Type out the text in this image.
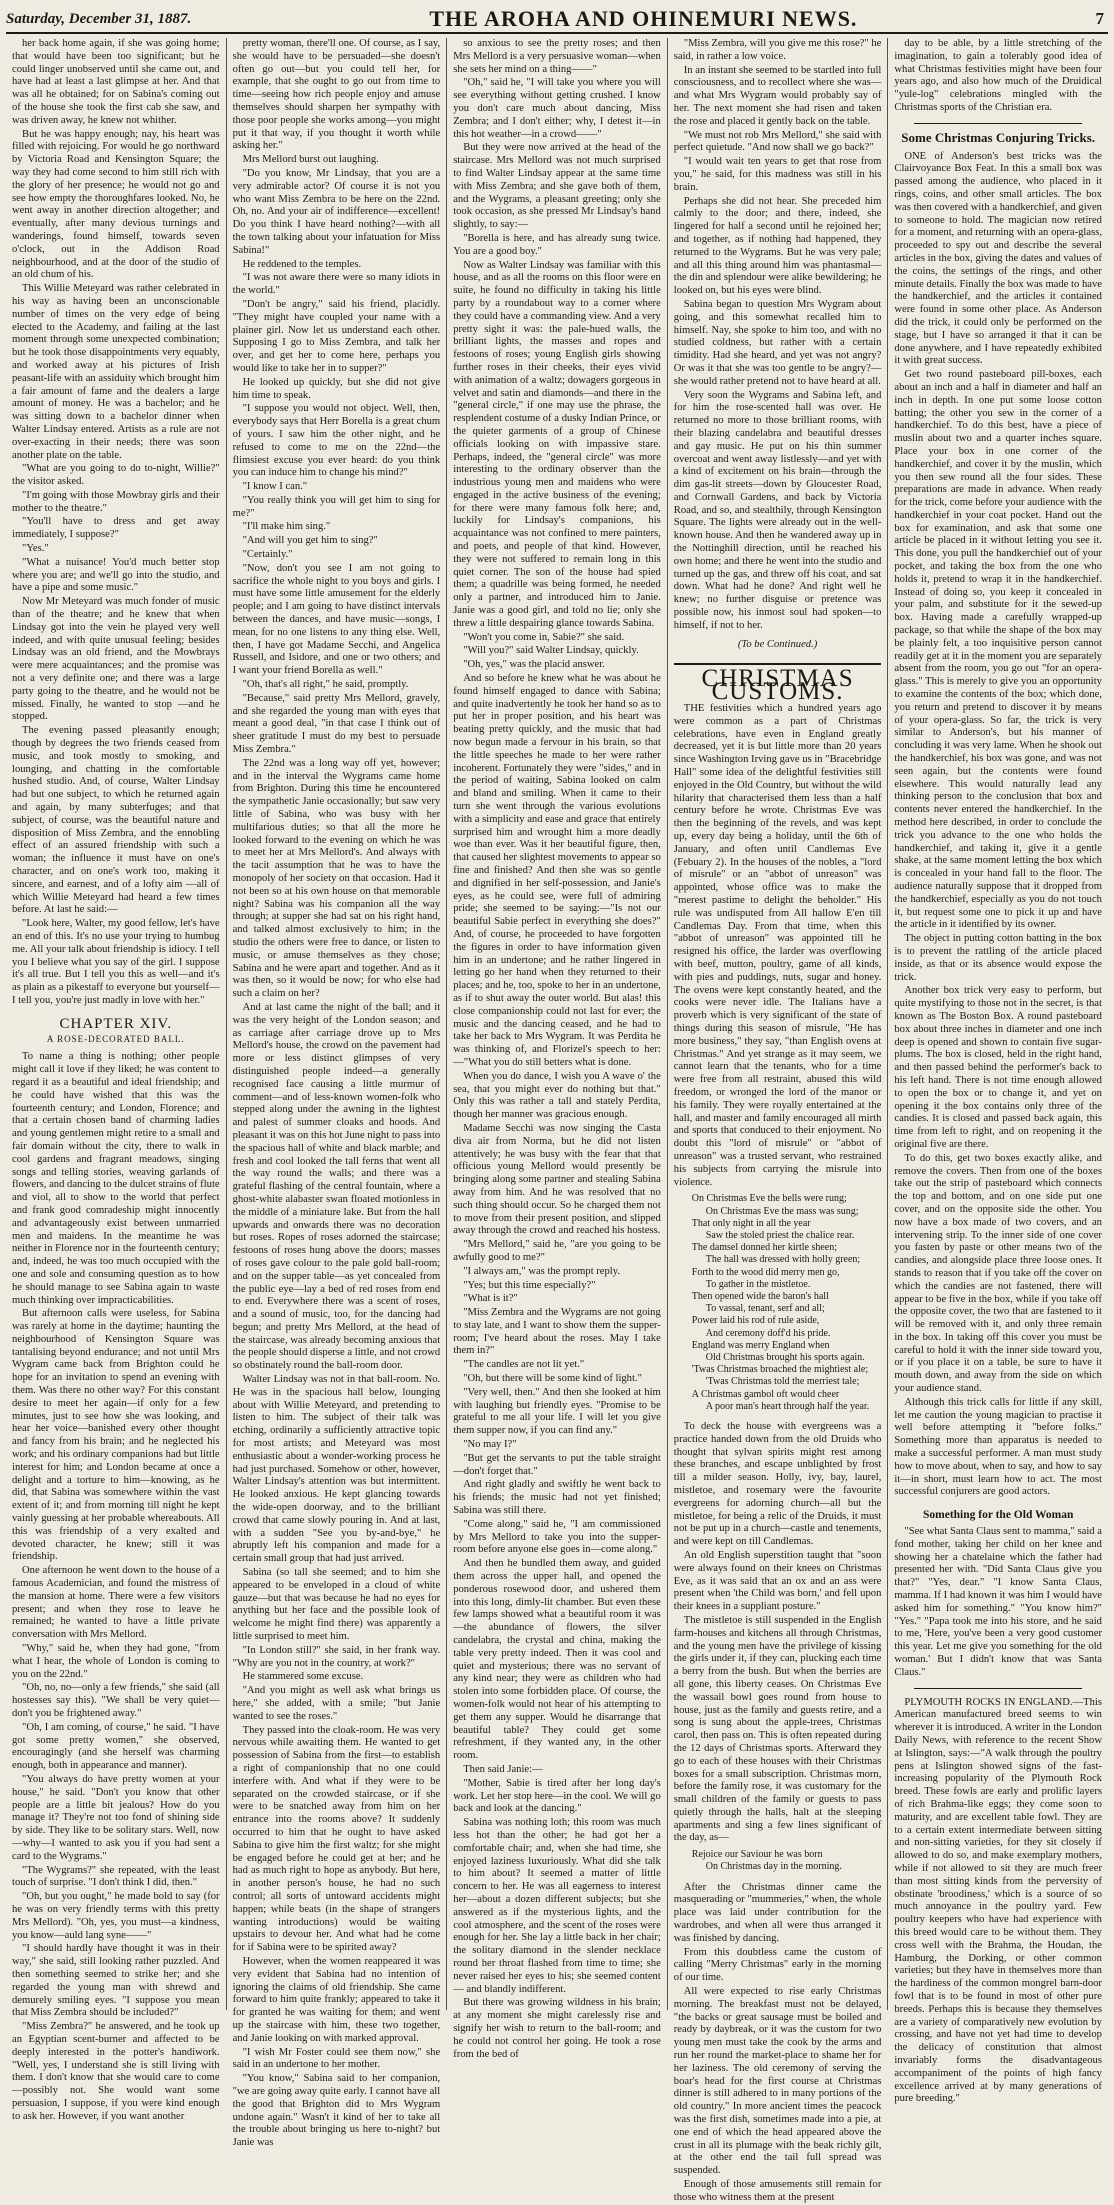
Saturday, December 31, 1887.	THE AROHA AND OHINEMURI NEWS.	7

her back home again, if she was going home; that would have been too significant; but he could linger unobserved until she came out, and have had at least a last glimpse at her. And that was all he obtained; for on Sabina's coming out of the house she took the first cab she saw, and was driven away, he knew not whither.

But he was happy enough; nay, his heart was filled with rejoicing. For would he go northward by Victoria Road and Kensington Square; the way they had come second to him still rich with the glory of her presence; he would not go and see how empty the thoroughfares looked. No, he went away in another direction altogether; and eventually, after many devious turnings and wanderings, found himself, towards seven o'clock, out in the Addison Road neighbourhood, and at the door of the studio of an old chum of his.

This Willie Meteyard was rather celebrated in his way as having been an unconscionable number of times on the very edge of being elected to the Academy, and failing at the last moment through some unexpected combination; but he took those disappointments very equably, and worked away at his pictures of Irish peasant-life with an assiduity which brought him a fair amount of fame and the dealers a large amount of money. He was a bachelor; and he was sitting down to a bachelor dinner when Walter Lindsay entered. Artists as a rule are not over-exacting in their needs; there was soon another plate on the table.

"What are you going to do to-night, Willie?" the visitor asked.

"I'm going with those Mowbray girls and their mother to the theatre."

"You'll have to dress and get away immediately, I suppose?"

"Yes."

"What a nuisance! You'd much better stop where you are; and we'll go into the studio, and have a pipe and some music."

Now Mr Meteyard was much fonder of music than of the theatre; and he knew that when Lindsay got into the vein he played very well indeed, and with quite unusual feeling; besides Lindsay was an old friend, and the Mowbrays were mere acquaintances; and the promise was not a very definite one; and there was a large party going to the theatre, and he would not be missed. Finally, he wanted to stop —and he stopped.

The evening passed pleasantly enough; though by degrees the two friends ceased from music, and took mostly to smoking, and lounging, and chatting in the comfortable hushed studio. And, of course, Walter Lindsay had but one subject, to which he returned again and again, by many subterfuges; and that subject, of course, was the beautiful nature and disposition of Miss Zembra, and the ennobling effect of an assured friendship with such a woman; the influence it must have on one's character, and on one's work too, making it sincere, and earnest, and of a lofty aim —all of which Willie Meteyard had heard a few times before. At last he said:—

"Look here, Walter, my good fellow, let's have an end of this. It's no use your trying to humbug me. All your talk about friendship is idiocy. I tell you I believe what you say of the girl. I suppose it's all true. But I tell you this as well—and it's as plain as a pikestaff to everyone but yourself—I tell you, you're just madly in love with her."

CHAPTER XIV.
A ROSE-DECORATED BALL.

To name a thing is nothing; other people might call it love if they liked; he was content to regard it as a beautiful and ideal friendship; and he could have wished that this was the fourteenth century; and London, Florence; and that a certain chosen band of charming ladies and young gentlemen might retire to a small and fair domain without the city, there to walk in cool gardens and fragrant meadows, singing songs and telling stories, weaving garlands of flowers, and dancing to the dulcet strains of flute and viol, all to show to the world that perfect and frank good comradeship might innocently and advantageously exist between unmarried men and maidens. In the meantime he was neither in Florence nor in the fourteenth century; and, indeed, he was too much occupied with the one and sole and consuming question as to how he should manage to see Sabina again to waste much thinking over impracticabilities.

But afternoon calls were useless, for Sabina was rarely at home in the daytime; haunting the neighbourhood of Kensington Square was tantalising beyond endurance; and not until Mrs Wygram came back from Brighton could he hope for an invitation to spend an evening with them. Was there no other way? For this constant desire to meet her again—if only for a few minutes, just to see how she was looking, and hear her voice—banished every other thought and fancy from his brain; and he neglected his work; and his ordinary companions had but little interest for him; and London became at once a delight and a torture to him—knowing, as he did, that Sabina was somewhere within the vast extent of it; and from morning till night he kept vainly guessing at her probable whereabouts. All this was friendship of a very exalted and devoted character, he knew; still it was friendship.

One afternoon he went down to the house of a famous Academician, and found the mistress of the mansion at home. There were a few visitors present; and when they rose to leave he remained; he wanted to have a little private conversation with Mrs Mellord.

"Why," said he, when they had gone, "from what I hear, the whole of London is coming to you on the 22nd."

"Oh, no, no—only a few friends," she said (all hostesses say this). "We shall be very quiet—don't you be frightened away."

"Oh, I am coming, of course," he said. "I have got some pretty women," she observed, encouragingly (and she herself was charming enough, both in appearance and manner).

"You always do have pretty women at your house," he said. "Don't you know that other people are a little bit jealous? How do you manage it? They're not too fond of shining side by side. They like to be solitary stars. Well, now—why—I wanted to ask you if you had sent a card to the Wygrams."

"The Wygrams?" she repeated, with the least touch of surprise. "I don't think I did, then."

"Oh, but you ought," he made bold to say (for he was on very friendly terms with this pretty Mrs Mellord). "Oh, yes, you must—a kindness, you know—auld lang syne——"

"I should hardly have thought it was in their way," she said, still looking rather puzzled. And then something seemed to strike her; and she regarded the young man with shrewd and demurely smiling eyes. "I suppose you mean that Miss Zembra should be included?"

"Miss Zembra?" he answered, and he took up an Egyptian scent-burner and affected to be deeply interested in the potter's handiwork. "Well, yes, I understand she is still living with them. I don't know that she would care to come—possibly not. She would want some persuasion, I suppose, if you were kind enough to ask her. However, if you want another

pretty woman, there'll one. Of course, as I say, she would have to be persuaded—she doesn't often go out—but you could tell her, for example, that she ought to go out from time to time—seeing how rich people enjoy and amuse themselves should sharpen her sympathy with those poor people she works among—you might put it that way, if you thought it worth while asking her."

Mrs Mellord burst out laughing.

"Do you know, Mr Lindsay, that you are a very admirable actor? Of course it is not you who want Miss Zembra to be here on the 22nd. Oh, no. And your air of indifference—excellent! Do you think I have heard nothing?—with all the town talking about your infatuation for Miss Sabina!"

He reddened to the temples.

"I was not aware there were so many idiots in the world."

"Don't be angry," said his friend, placidly. "They might have coupled your name with a plainer girl. Now let us understand each other. Supposing I go to Miss Zembra, and talk her over, and get her to come here, perhaps you would like to take her in to supper?"

He looked up quickly, but she did not give him time to speak.

"I suppose you would not object. Well, then, everybody says that Herr Borella is a great chum of yours. I saw him the other night, and he refused to come to me on the 22nd—the flimsiest excuse you ever heard: do you think you can induce him to change his mind?"

"I know I can."

"You really think you will get him to sing for me?"

"I'll make him sing."

"And will you get him to sing?"

"Certainly."

"Now, don't you see I am not going to sacrifice the whole night to you boys and girls. I must have some little amusement for the elderly people; and I am going to have distinct intervals between the dances, and have music—songs, I mean, for no one listens to any thing else. Well, then, I have got Madame Secchi, and Angelica Russell, and Isidore, and one or two others; and I want your friend Borella as well."

"Oh, that's all right," he said, promptly.

"Because," said pretty Mrs Mellord, gravely, and she regarded the young man with eyes that meant a good deal, "in that case I think out of sheer gratitude I must do my best to persuade Miss Zembra."

The 22nd was a long way off yet, however; and in the interval the Wygrams came home from Brighton. During this time he encountered the sympathetic Janie occasionally; but saw very little of Sabina, who was busy with her multifarious duties; so that all the more he looked forward to the evening on which he was to meet her at Mrs Mellord's. And always with the tacit assumption that he was to have the monopoly of her society on that occasion. Had it not been so at his own house on that memorable night? Sabina was his companion all the way through; at supper she had sat on his right hand, and talked almost exclusively to him; in the studio the others were free to dance, or listen to music, or amuse themselves as they chose; Sabina and he were apart and together. And as it was then, so it would be now; for who else had such a claim on her?

And at last came the night of the ball; and it was the very height of the London season; and as carriage after carriage drove up to Mrs Mellord's house, the crowd on the pavement had more or less distinct glimpses of very distinguished people indeed—a generally recognised face causing a little murmur of comment—and of less-known women-folk who stepped along under the awning in the lightest and palest of summer cloaks and hoods. And pleasant it was on this hot June night to pass into the spacious hall of white and black marble; and fresh and cool looked the tall ferns that went all the way round the walls; and there was a grateful flashing of the central fountain, where a ghost-white alabaster swan floated motionless in the middle of a miniature lake. But from the hall upwards and onwards there was no decoration but roses. Ropes of roses adorned the staircase; festoons of roses hung above the doors; masses of roses gave colour to the pale gold ball-room; and on the supper table—as yet concealed from the public eye—lay a bed of red roses from end to end. Everywhere there was a scent of roses, and a sound of music, too, for the dancing had begun; and pretty Mrs Mellord, at the head of the staircase, was already becoming anxious that the people should disperse a little, and not crowd so obstinately round the ball-room door.

Walter Lindsay was not in that ball-room. No. He was in the spacious hall below, lounging about with Willie Meteyard, and pretending to listen to him. The subject of their talk was etching, ordinarily a sufficiently attractive topic for most artists; and Meteyard was most enthusiastic about a wonder-working process he had just purchased. Somehow or other, however, Walter Lindsay's attention was but intermittent. He looked anxious. He kept glancing towards the wide-open doorway, and to the brilliant crowd that came slowly pouring in. And at last, with a sudden "See you by-and-bye," he abruptly left his companion and made for a certain small group that had just arrived.

Sabina (so tall she seemed; and to him she appeared to be enveloped in a cloud of white gauze—but that was because he had no eyes for anything but her face and the possible look of welcome he might find there) was apparently a little surprised to meet him.

"In London still?" she said, in her frank way. "Why are you not in the country, at work?"

He stammered some excuse.

"And you might as well ask what brings us here," she added, with a smile; "but Janie wanted to see the roses."

They passed into the cloak-room. He was very nervous while awaiting them. He wanted to get possession of Sabina from the first—to establish a right of companionship that no one could interfere with. And what if they were to be separated on the crowded staircase, or if she were to be snatched away from him on her entrance into the rooms above? It suddenly occurred to him that he ought to have asked Sabina to give him the first waltz; for she might be engaged before he could get at her; and he had as much right to hope as anybody. But here, in another person's house, he had no such control; all sorts of untoward accidents might happen; while beats (in the shape of strangers wanting introductions) would be waiting upstairs to devour her. And what had he come for if Sabina were to be spirited away?

However, when the women reappeared it was very evident that Sabina had no intention of ignoring the claims of old friendship. She came forward to him quite frankly; appeared to take it for granted he was waiting for them; and went up the staircase with him, these two together, and Janie looking on with marked approval.

"I wish Mr Foster could see them now," she said in an undertone to her mother.

"You know," Sabina said to her companion, "we are going away quite early. I cannot have all the good that Brighton did to Mrs Wygram undone again." Wasn't it kind of her to take all the trouble about bringing us here to-night? but Janie was

so anxious to see the pretty roses; and then Mrs Mellord is a very persuasive woman—when she sets her mind on a thing——"

"Oh," said he, "I will take you where you will see everything without getting crushed. I know you don't care much about dancing, Miss Zembra; and I don't either; why, I detest it—in this hot weather—in a crowd——"

But they were now arrived at the head of the staircase. Mrs Mellord was not much surprised to find Walter Lindsay appear at the same time with Miss Zembra; and she gave both of them, and the Wygrams, a pleasant greeting; only she took occasion, as she pressed Mr Lindsay's hand slightly, to say:—

"Borella is here, and has already sung twice. You are a good boy."

Now as Walter Lindsay was familiar with this house, and as all the rooms on this floor were en suite, he found no difficulty in taking his little party by a roundabout way to a corner where they could have a commanding view. And a very pretty sight it was: the pale-hued walls, the brilliant lights, the masses and ropes and festoons of roses; young English girls showing further roses in their cheeks, their eyes vivid with animation of a waltz; dowagers gorgeous in velvet and satin and diamonds—and there in the "general circle," if one may use the phrase, the resplendent costume of a dusky Indian Prince, or the quieter garments of a group of Chinese officials looking on with impassive stare. Perhaps, indeed, the "general circle" was more interesting to the ordinary observer than the industrious young men and maidens who were engaged in the active business of the evening; for there were many famous folk here; and, luckily for Lindsay's companions, his acquaintance was not confined to mere painters, and poets, and people of that kind. However, they were not suffered to remain long in this quiet corner. The son of the house had spied them; a quadrille was being formed, he needed only a partner, and introduced him to Janie. Janie was a good girl, and told no lie; only she threw a little despairing glance towards Sabina.

"Won't you come in, Sabie?" she said.

"Will you?" said Walter Lindsay, quickly.

"Oh, yes," was the placid answer.

And so before he knew what he was about he found himself engaged to dance with Sabina; and quite inadvertently he took her hand so as to put her in proper position, and his heart was beating pretty quickly, and the music that had now begun made a fervour in his brain, so that the little speeches he made to her were rather incoherent. Fortunately they were "sides," and in the period of waiting, Sabina looked on calm and bland and smiling. When it came to their turn she went through the various evolutions with a simplicity and ease and grace that entirely surprised him and wrought him a more deadly woe than ever. Was it her beautiful figure, then, that caused her slightest movements to appear so fine and finished? And then she was so gentle and dignified in her self-possession, and Janie's eyes, as he could see, were full of admiring pride; she seemed to be saying:—"Is not our beautiful Sabie perfect in everything she does?" And, of course, he proceeded to have forgotten the figures in order to have information given him in an undertone; and he rather lingered in letting go her hand when they returned to their places; and he, too, spoke to her in an undertone, as if to shut away the outer world. But alas! this close companionship could not last for ever; the music and the dancing ceased, and he had to take her back to Mrs Wygram. It was Perdita he was thinking of, and Florizel's speech to her:—"What you do still betters what is done.

When you do dance, I wish you A wave o' the sea, that you might ever do nothing but that." Only this was rather a tall and stately Perdita, though her manner was gracious enough.

Madame Secchi was now singing the Casta diva air from Norma, but he did not listen attentively; he was busy with the fear that that officious young Mellord would presently be bringing along some partner and stealing Sabina away from him. And he was resolved that no such thing should occur. So he charged them not to move from their present position, and slipped away through the crowd and reached his hostess.

"Mrs Mellord," said he, "are you going to be awfully good to me?"

"I always am," was the prompt reply.

"Yes; but this time especially?"

"What is it?"

"Miss Zembra and the Wygrams are not going to stay late, and I want to show them the supper-room; I've heard about the roses. May I take them in?"

"The candles are not lit yet."

"Oh, but there will be some kind of light."

"Very well, then." And then she looked at him with laughing but friendly eyes. "Promise to be grateful to me all your life. I will let you give them supper now, if you can find any."

"No may I?"

"But get the servants to put the table straight—don't forget that."

And right gladly and swiftly he went back to his friends; the music had not yet finished; Sabina was still there.

"Come along," said he, "I am commissioned by Mrs Mellord to take you into the supper-room before anyone else goes in—come along."

And then he bundled them away, and guided them across the upper hall, and opened the ponderous rosewood door, and ushered them into this long, dimly-lit chamber. But even these few lamps showed what a beautiful room it was—the abundance of flowers, the silver candelabra, the crystal and china, making the table very pretty indeed. Then it was cool and quiet and mysterious; there was no servant of any kind near; they were as children who had stolen into some forbidden place. Of course, the women-folk would not hear of his attempting to get them any supper. Would he disarrange that beautiful table? They could get some refreshment, if they wanted any, in the other room.

Then said Janie:—

"Mother, Sabie is tired after her long day's work. Let her stop here—in the cool. We will go back and look at the dancing."

Sabina was nothing loth; this room was much less hot than the other; he had got her a comfortable chair; and, when she had time, she enjoyed laziness luxuriously. What did she talk to him about? It seemed a matter of little concern to her. He was all eagerness to interest her—about a dozen different subjects; but she answered as if the mysterious lights, and the cool atmosphere, and the scent of the roses were enough for her. She lay a little back in her chair; the solitary diamond in the slender necklace round her throat flashed from time to time; she never raised her eyes to his; she seemed content — and blandly indifferent.

But there was growing wildness in his brain; at any moment she might carelessly rise and signify her wish to return to the ball-room; and he could not control her going. He took a rose from the bed of

"Miss Zembra, will you give me this rose?" he said, in rather a low voice.

In an instant she seemed to be startled into full consciousness, and to recollect where she was—and what Mrs Wygram would probably say of her. The next moment she had risen and taken the rose and placed it gently back on the table.

"We must not rob Mrs Mellord," she said with perfect quietude. "And now shall we go back?"

"I would wait ten years to get that rose from you," he said, for this madness was still in his brain.

Perhaps she did not hear. She preceded him calmly to the door; and there, indeed, she lingered for half a second until he rejoined her; and together, as if nothing had happened, they returned to the Wygrams. But he was very pale; and all this thing around him was phantasmal—the din and splendour were alike bewildering; he looked on, but his eyes were blind.

Sabina began to question Mrs Wygram about going, and this somewhat recalled him to himself. Nay, she spoke to him too, and with no studied coldness, but rather with a certain timidity. Had she heard, and yet was not angry? Or was it that she was too gentle to be angry?—she would rather pretend not to have heard at all.

Very soon the Wygrams and Sabina left, and for him the rose-scented hall was over. He returned no more to those brilliant rooms, with their blazing candelabra and beautiful dresses and gay music. He put on his thin summer overcoat and went away listlessly—and yet with a kind of excitement on his brain—through the dim gas-lit streets—down by Gloucester Road, and Cornwall Gardens, and back by Victoria Road, and so, and stealthily, through Kensington Square. The lights were already out in the well-known house. And then he wandered away up in the Nottinghill direction, until he reached his own home; and there he went into the studio and turned up the gas, and threw off his coat, and sat down. What had he done? And right well he knew; no further disguise or pretence was possible now, his inmost soul had spoken—to himself, if not to her.

(To be Continued.)
CHRISTMAS CUSTOMS.

THE festivities which a hundred years ago were common as a part of Christmas celebrations, have even in England greatly decreased, yet it is but little more than 20 years since Washington Irving gave us in "Bracebridge Hall" some idea of the delightful festivities still enjoyed in the Old Country, but without the wild hilarity that characterised them less than a half century before he wrote. Christmas Eve was then the beginning of the revels, and was kept up, every day being a holiday, until the 6th of January, and often until Candlemas Eve (Febuary 2). In the houses of the nobles, a "lord of misrule" or an "abbot of unreason" was appointed, whose office was to make the "merest pastime to delight the beholder." His rule was undisputed from All hallow E'en till Candlemas Day. From that time, when this "abbot of unreason" was appointed till he resigned his office, the larder was overflowing with beef, mutton, poultry, game of all kinds, with pies and puddings, nuts, sugar and honey. The ovens were kept constantly heated, and the cooks were never idle. The Italians have a proverb which is very significant of the state of things during this season of misrule, "He has more business," they say, "than English ovens at Christmas." And yet strange as it may seem, we cannot learn that the tenants, who for a time were free from all restraint, abused this wild freedom, or wronged the lord of the manor or his family. They were royally entertained at the hall, and master and family encouraged all mirth and sports that conduced to their enjoyment. No doubt this "lord of misrule" or "abbot of unreason" was a trusted servant, who restrained his subjects from carrying the misrule into violence.

On Christmas Eve the bells were rung;
On Christmas Eve the mass was sung;
That only night in all the year
Saw the stoled priest the chalice rear.
The damsel donned her kirtle sheen;
The hall was dressed with holly green;
Forth to the wood did merry men go,
To gather in the mistletoe.
Then opened wide the baron's hall
To vassal, tenant, serf and all;
Power laid his rod of rule aside,
And ceremony doff'd his pride.
England was merry England when
Old Christmas brought his sports again.
'Twas Christmas broached the mightiest ale;
'Twas Christmas told the merriest tale;
A Christmas gambol oft would cheer
A poor man's heart through half the year.

To deck the house with evergreens was a practice handed down from the old Druids who thought that sylvan spirits might rest among these branches, and escape unblighted by frost till a milder season. Holly, ivy, bay, laurel, mistletoe, and rosemary were the favourite evergreens for adorning church—all but the mistletoe, for being a relic of the Druids, it must not be put up in a church—castle and tenements, and were kept on till Candlemas.

An old English superstition taught that "soon were always found on their knees on Christmas Eve, as it was said that an ox and an ass were present when 'the Child was born,' and fell upon their knees in a suppliant posture."

The mistletoe is still suspended in the English farm-houses and kitchens all through Christmas, and the young men have the privilege of kissing the girls under it, if they can, plucking each time a berry from the bush. But when the berries are all gone, this liberty ceases. On Christmas Eve the wassail bowl goes round from house to house, just as the family and guests retire, and a song is sung about the apple-trees, Christmas carol, then pass on. This is often repeated during the 12 days of Christmas sports. Afterward they go to each of these houses with their Christmas boxes for a small subscription. Christmas morn, before the family rose, it was customary for the small children of the family or guests to pass quietly through the halls, halt at the sleeping apartments and sing a few lines significant of the day, as—

Rejoice our Saviour he was born
On Christmas day in the morning.

After the Christmas dinner came the masquerading or "mummeries," when, the whole place was laid under contribution for the wardrobes, and when all were thus arranged it was finished by dancing.

From this doubtless came the custom of calling "Merry Christmas" early in the morning of our time.

All were expected to rise early Christmas morning. The breakfast must not be delayed, "the backs or great sausage must be boiled and ready by daybreak, or it was the custom for two young men must take the cook by the arms and run her round the market-place to shame her for her laziness. The old ceremony of serving the boar's head for the first course at Christmas dinner is still adhered to in many portions of the old country." In more ancient times the peacock was the first dish, sometimes made into a pie, at one end of which the head appeared above the crust in all its plumage with the beak richly gilt, at the other end the tail full spread was suspended.

Enough of those amusements still remain for those who witness them at the present

day to be able, by a little stretching of the imagination, to gain a tolerably good idea of what Christmas festivities might have been four years ago, and also how much of the Druidical "yule-log" celebrations mingled with the Christmas sports of the Christian era.

Some Christmas Conjuring Tricks.

ONE of Anderson's best tricks was the Clairvoyance Box Feat. In this a small box was passed among the audience, who placed in it rings, coins, and other small articles. The box was then covered with a handkerchief, and given to someone to hold. The magician now retired for a moment, and returning with an opera-glass, proceeded to spy out and describe the several articles in the box, giving the dates and values of the coins, the settings of the rings, and other minute details. Finally the box was made to have the handkerchief, and the articles it contained were found in some other place. As Anderson did the trick, it could only be performed on the stage, but I have so arranged it that it can be done anywhere, and I have repeatedly exhibited it with great success.

Get two round pasteboard pill-boxes, each about an inch and a half in diameter and half an inch in depth. In one put some loose cotton batting; the other you sew in the corner of a handkerchief. To do this best, have a piece of muslin about two and a quarter inches square. Place your box in one corner of the handkerchief, and cover it by the muslin, which you then sew round all the four sides. These preparations are made in advance. When ready for the trick, come before your audience with the handkerchief in your coat pocket. Hand out the box for examination, and ask that some one article be placed in it without letting you see it. This done, you pull the handkerchief out of your pocket, and taking the box from the one who holds it, pretend to wrap it in the handkerchief. Instead of doing so, you keep it concealed in your palm, and substitute for it the sewed-up box. Having made a carefully wrapped-up package, so that while the shape of the box may be plainly felt, a too inquisitive person cannot readily get at it in the moment you are separately absent from the room, you go out "for an opera-glass." This is merely to give you an opportunity to examine the contents of the box; which done, you return and pretend to discover it by means of your opera-glass. So far, the trick is very similar to Anderson's, but his manner of concluding it was very lame. When he shook out the handkerchief, his box was gone, and was not seen again, but the contents were found elsewhere. This would naturally lead any thinking person to the conclusion that box and contents never entered the handkerchief. In the method here described, in order to conclude the trick you advance to the one who holds the handkerchief, and taking it, give it a gentle shake, at the same moment letting the box which is concealed in your hand fall to the floor. The audience naturally suppose that it dropped from the handkerchief, especially as you do not touch it, but request some one to pick it up and have the article in it identified by its owner.

The object in putting cotton batting in the box is to prevent the rattling of the article placed inside, as that or its absence would expose the trick.

Another box trick very easy to perform, but quite mystifying to those not in the secret, is that known as The Boston Box. A round pasteboard box about three inches in diameter and one inch deep is opened and shown to contain five sugar-plums. The box is closed, held in the right hand, and then passed behind the performer's back to his left hand. There is not time enough allowed to open the box or to change it, and yet on opening it the box contains only three of the candies. It is closed and passed back again, this time from left to right, and on reopening it the original five are there.

To do this, get two boxes exactly alike, and remove the covers. Then from one of the boxes take out the strip of pasteboard which connects the top and bottom, and on one side put one cover, and on the opposite side the other. You now have a box made of two covers, and an intervening strip. To the inner side of one cover you fasten by paste or other means two of the candies, and alongside place three loose ones. It stands to reason that if you take off the cover on which the candies are not fastened, there will appear to be five in the box, while if you take off the opposite cover, the two that are fastened to it will be removed with it, and only three remain in the box. In taking off this cover you must be careful to hold it with the inner side toward you, or if you place it on a table, be sure to have it mouth down, and away from the side on which your audience stand.

Although this trick calls for little if any skill, let me caution the young magician to practise it well before attempting it "before folks." Something more than apparatus is needed to make a successful performer. A man must study how to move about, when to say, and how to say it—in short, must learn how to act. The most successful conjurers are good actors.

Something for the Old Woman

"See what Santa Claus sent to mamma," said a fond mother, taking her child on her knee and showing her a chatelaine which the father had presented her with. "Did Santa Claus give you that?" "Yes, dear." "I know Santa Claus, mamma. If I had known it was him I would have asked him for something." "You know him?" "Yes." "Papa took me into his store, and he said to me, 'Here, you've been a very good customer this year. Let me give you something for the old woman.' But I didn't know that was Santa Claus."

PLYMOUTH ROCKS IN ENGLAND.—This American manufactured breed seems to win wherever it is introduced. A writer in the London Daily News, with reference to the recent Show at Islington, says:—"A walk through the poultry pens at Islington showed signs of the fast-increasing popularity of the Plymouth Rock breed. These fowls are early and prolific layers of rich Brahma-like eggs; they come soon to maturity, and are excellent table fowl. They are to a certain extent intermediate between sitting and non-sitting varieties, for they sit closely if allowed to do so, and make exemplary mothers, while if not allowed to sit they are much freer than most sitting kinds from the perversity of obstinate 'broodiness,' which is a source of so much annoyance in the poultry yard. Few poultry keepers who have had experience with this breed would care to be without them. They cross well with the Brahma, the Houdan, the Hamburg, the Dorking, or other common varieties; but they have in themselves more than the hardiness of the common mongrel barn-door fowl that is to be found in most of other pure breeds. Perhaps this is because they themselves are a variety of comparatively new evolution by crossing, and have not yet had time to develop the delicacy of constitution that almost invariably forms the disadvantageous accompaniment of the points of high fancy excellence arrived at by many generations of pure breeding."
